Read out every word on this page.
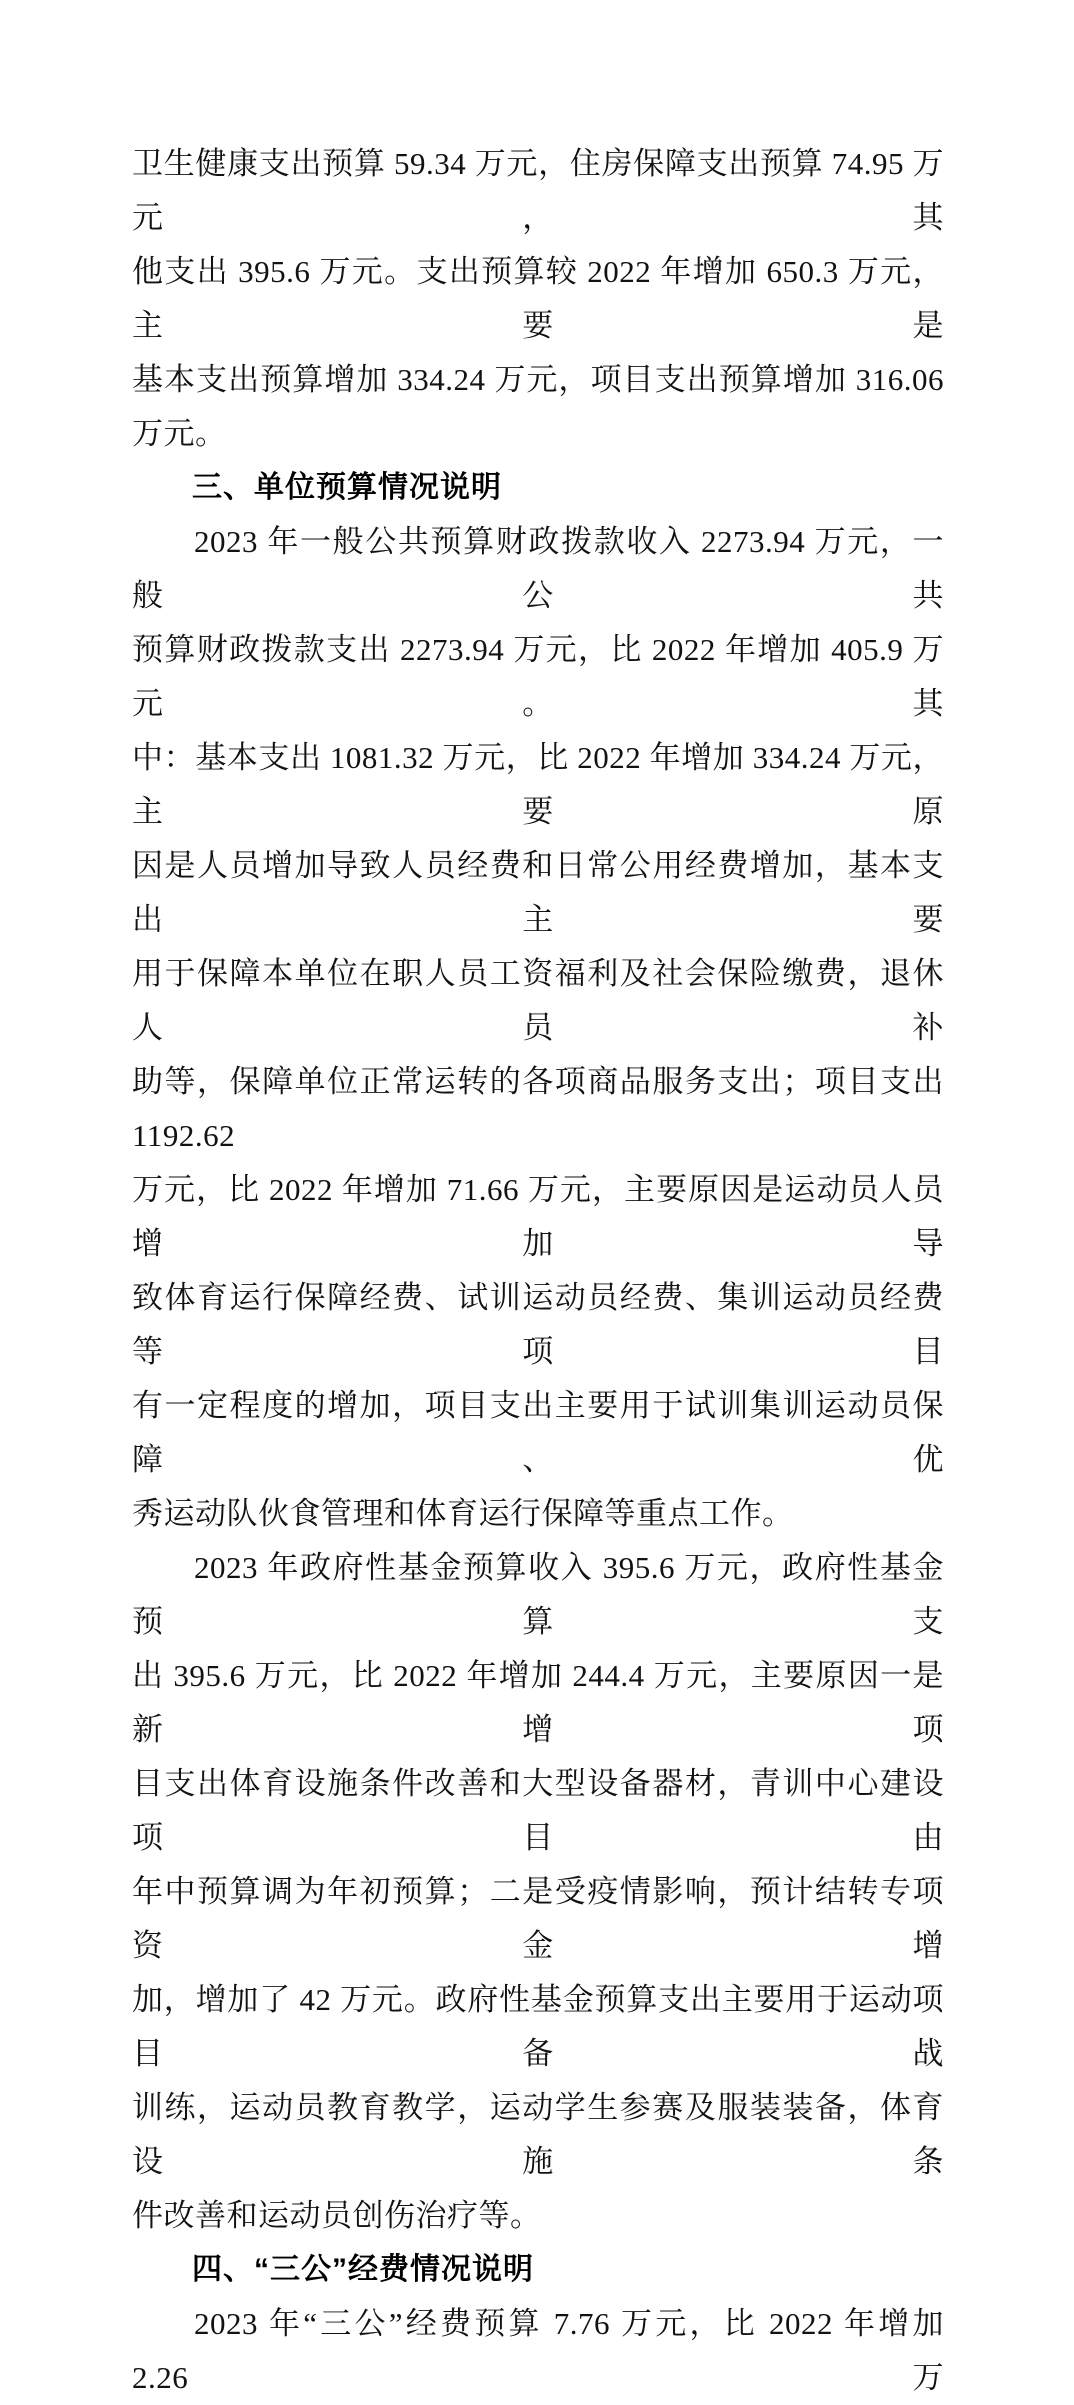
卫生健康支出预算 59.34 万元，住房保障支出预算 74.95 万元，其
他支出 395.6 万元。支出预算较 2022 年增加 650.3 万元，主要是
基本支出预算增加 334.24 万元，项目支出预算增加 316.06 万元。
三、单位预算情况说明
2023 年一般公共预算财政拨款收入 2273.94 万元，一般公共
预算财政拨款支出 2273.94 万元，比 2022 年增加 405.9 万元。其
中：基本支出 1081.32 万元，比 2022 年增加 334.24 万元，主要原
因是人员增加导致人员经费和日常公用经费增加，基本支出主要
用于保障本单位在职人员工资福利及社会保险缴费，退休人员补
助等，保障单位正常运转的各项商品服务支出；项目支出 1192.62
万元，比 2022 年增加 71.66 万元，主要原因是运动员人员增加导
致体育运行保障经费、试训运动员经费、集训运动员经费等项目
有一定程度的增加，项目支出主要用于试训集训运动员保障、优
秀运动队伙食管理和体育运行保障等重点工作。
2023 年政府性基金预算收入 395.6 万元，政府性基金预算支
出 395.6 万元，比 2022 年增加 244.4 万元，主要原因一是新增项
目支出体育设施条件改善和大型设备器材，青训中心建设项目由
年中预算调为年初预算；二是受疫情影响，预计结转专项资金增
加，增加了 42 万元。政府性基金预算支出主要用于运动项目备战
训练，运动员教育教学，运动学生参赛及服装装备，体育设施条
件改善和运动员创伤治疗等。
四、“三公”经费情况说明
2023 年“三公”经费预算 7.76 万元，比 2022 年增加 2.26 万
